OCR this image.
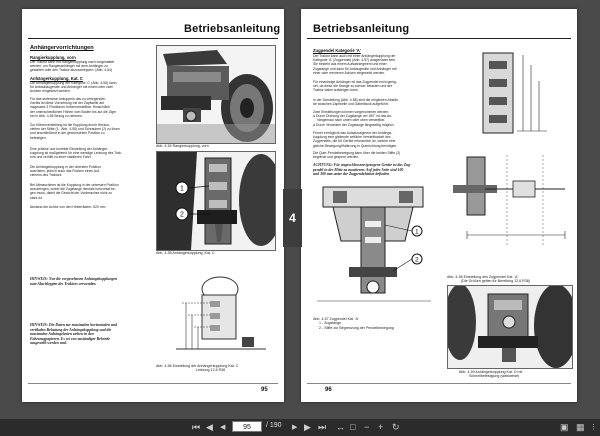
Betriebsanleitung
Anhängervorrichtungen
Rangierkupplung, vorn
Der Traktor kann mit Rangierkupplung nach vorgestattet
werden, um Rangieranhänger mit dem Anhänger zu
gestalten oder den Traktor abzuschleppen. (Abb. 4-54)
Anhängerkupplung, Kat. C
Die Anhängerkupplung der Kategorie 'C' (Abb. 4-55) kann
für Anbaubaugeräte und Anhänger mit einem oder zwei
Achsen eingesetzt werden.
Für das stufenlose Ankuppeln das zu verlegenden
Geräts ist diese Vorrichtung mit der Zapfwelle auf
insgesamt 3 Positionen höhenverstellbar. Hinsichtlich
der unterschiedlichen Höhen vom Boden bis auf die Ziger
bei in Abb. 4-56 Bezug zu nehmen.
Zur Höhenverstellung ist die Kupplung durch Heraus-
ziehen der Stifte (1 - Abb. 4-55) und Schrauben (2) zu lösen
und anschließend in der gewünschten Position zu
befestigen.
Eine präzise und korrekte Einstellung der Anhänger-
kupplung ist maßgebend für eine wendige Lenkung des Trak-
tors und verhilft zu einer stabileren Fahrt.
Die Anhängerkupplung in der obersten Position
ausrüsten, jedoch auch das Rücken eines Auf-
ziehens des Traktors.
Bei Altmaschinen ist die Kupplung in der untersten Position
anzubringen, wobei die Zugstange niemals horizontal be-
gen muss, damit die Gewicht der Vorderachse nicht zu
stark ist.
Abstand der Achse von den Hinterrädern: 620 mm
HINWEIS: Nur die vorgesehenen Anhängekupplungen
zum Abschleppen des Traktors verwenden.
HINWEIS: Die Daten zur maximalen horizontalen und
vertikalen Belastung der Anhängekupplung und die
maximalen Anhängelasten stehen in den
Fahrzeugpapieren. Es sei von zuständiger Behörde
ausgestellt werden und.
Abb. 4-54 Rangierkupplung, vorn
1
2
Abb. 4-55 Anhängerkupplung, Kat. C
Abb. 4-56 Einstellung der Anhängerkupplung Kat. C
Leistung 12,6 R38
95
Betriebsanleitung
Zugpendel Kategorie 'A'
Der Traktor kann auch mit einer Anhängerkupplung der
Kategorie 'A' (Zugpendel) (Abb. 4-57) ausgerüstet sein.
Sie besteht aus einem Aufsatzsegment und einer
Zugstange und kann für Anbaugeräte und Anhänger mit
einer oder mehreren Achsen eingesetzt werden.
Für einachsige Anhänger ist das Zugpendel nicht geeig-
net, da diese die Stange zu schwer belasten und der
Traktor dabei aufsteigen kann.
In der Darstellung (Abb. 4-58) sind die möglichen Abstän-
de zwischen Zapfwelle und Gabelblock aufgeführt.
Zwei Einstellungen können vorgenommen werden:
● Durch Drehung der Zugstange um 180° ist das An-
hängemaul nach unten oder oben verstellbar.
● Durch Versetzen der Zugstange längsseitig möglich.
Ferner ermöglicht das Aufsatzsegment der Anhänge-
kupplung eine gleitende seitliche Verstellbarkeit des
Zugpendels, die für Geräte erforderlich ist, welche eine
gleiche Bewegung/Halterung in Querrichtung benötigen.
Die Quer-Pendelbewegung kann über die beiden Stifte (2)
begrenzt und gesperrt werden.
ACHTUNG: Für angeschlossene/gezogene Geräte ist das Zug-
pendel in der Mitte zu montieren. Auf jeder Seite sind 100
und 300 mm unter der Zugpendelstütze befinden
1
2
Abb. 4-57 Zugpendel Kat. 'A'
1 - Zugstange
2 - Stifte zur Begrenzung der Pendelbewegung
Abb. 4-58 Einstellung des Zugpendel Kat. 'A'
(Die Größen gelten für Bereifung 12,6 R38)
Abb. 4-59 Anhängerkupplung Kat. D mit
Schnellbefestigung (wahlweise)
96
4
⏮ ◀ ◀	95	/ 190 ▶ ▶ ⏭ ↔ □ − + ↻	▣ ▦ ⋮
